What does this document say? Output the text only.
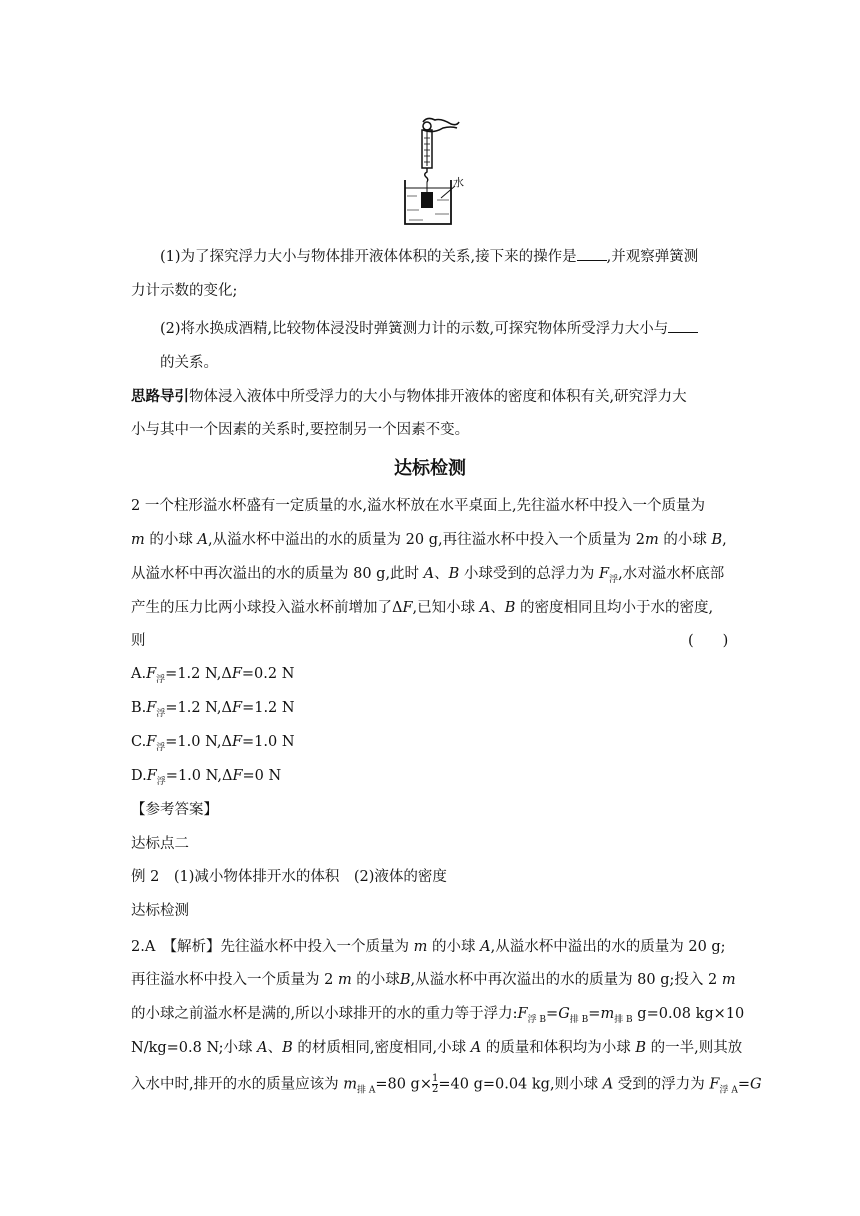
水
(1)为了探究浮力大小与物体排开液体体积的关系,接下来的操作是 ,并观察弹簧测
力计示数的变化;
(2)将水换成酒精,比较物体浸没时弹簧测力计的示数,可探究物体所受浮力大小与
的关系。
思路导引物体浸入液体中所受浮力的大小与物体排开液体的密度和体积有关,研究浮力大
小与其中一个因素的关系时,要控制另一个因素不变。
达标检测
2 一个柱形溢水杯盛有一定质量的水,溢水杯放在水平桌面上,先往溢水杯中投入一个质量为
m 的小球 A,从溢水杯中溢出的水的质量为 20 g,再往溢水杯中投入一个质量为 2m 的小球 B,
从溢水杯中再次溢出的水的质量为 80 g,此时 A、B 小球受到的总浮力为 $F_浮$,水对溢水杯底部
产生的压力比两小球投入溢水杯前增加了ΔF,已知小球 A、B 的密度相同且均小于水的密度,
则	(　　)
$A.F_浮=1.2$ N,ΔF=0.2 N
$B.F_浮=1.2$ N,ΔF=1.2 N
$C.F_浮=1.0$ N,ΔF=1.0 N
$D.F_浮=1.0$ N,ΔF=0 N
【参考答案】
达标点二
例 2　(1)减小物体排开水的体积　(2)液体的密度
达标检测
2.A　【解析】先往溢水杯中投入一个质量为 m 的小球 A,从溢水杯中溢出的水的质量为 20 g;
再往溢水杯中投入一个质量为 2 m 的小球B,从溢水杯中再次溢出的水的质量为 80 g;投入 2 m
的小球之前溢水杯是满的,所以小球排开的水的重力等于浮力$:F_{浮 B}=G_{排 B}=m_{排 B}$ g=0.08 kg×10
N/kg=0.8 N;小球 A、B 的材质相同,密度相同,小球 A 的质量和体积均为小球 B 的一半,则其放
入水中时,排开的水的质量应该为 $m_{排 A}=80$ $g\times \frac{1}{2} =40$ g=0.04 kg,则小球 A 受到的浮力为 $F_{浮 A}=G$
